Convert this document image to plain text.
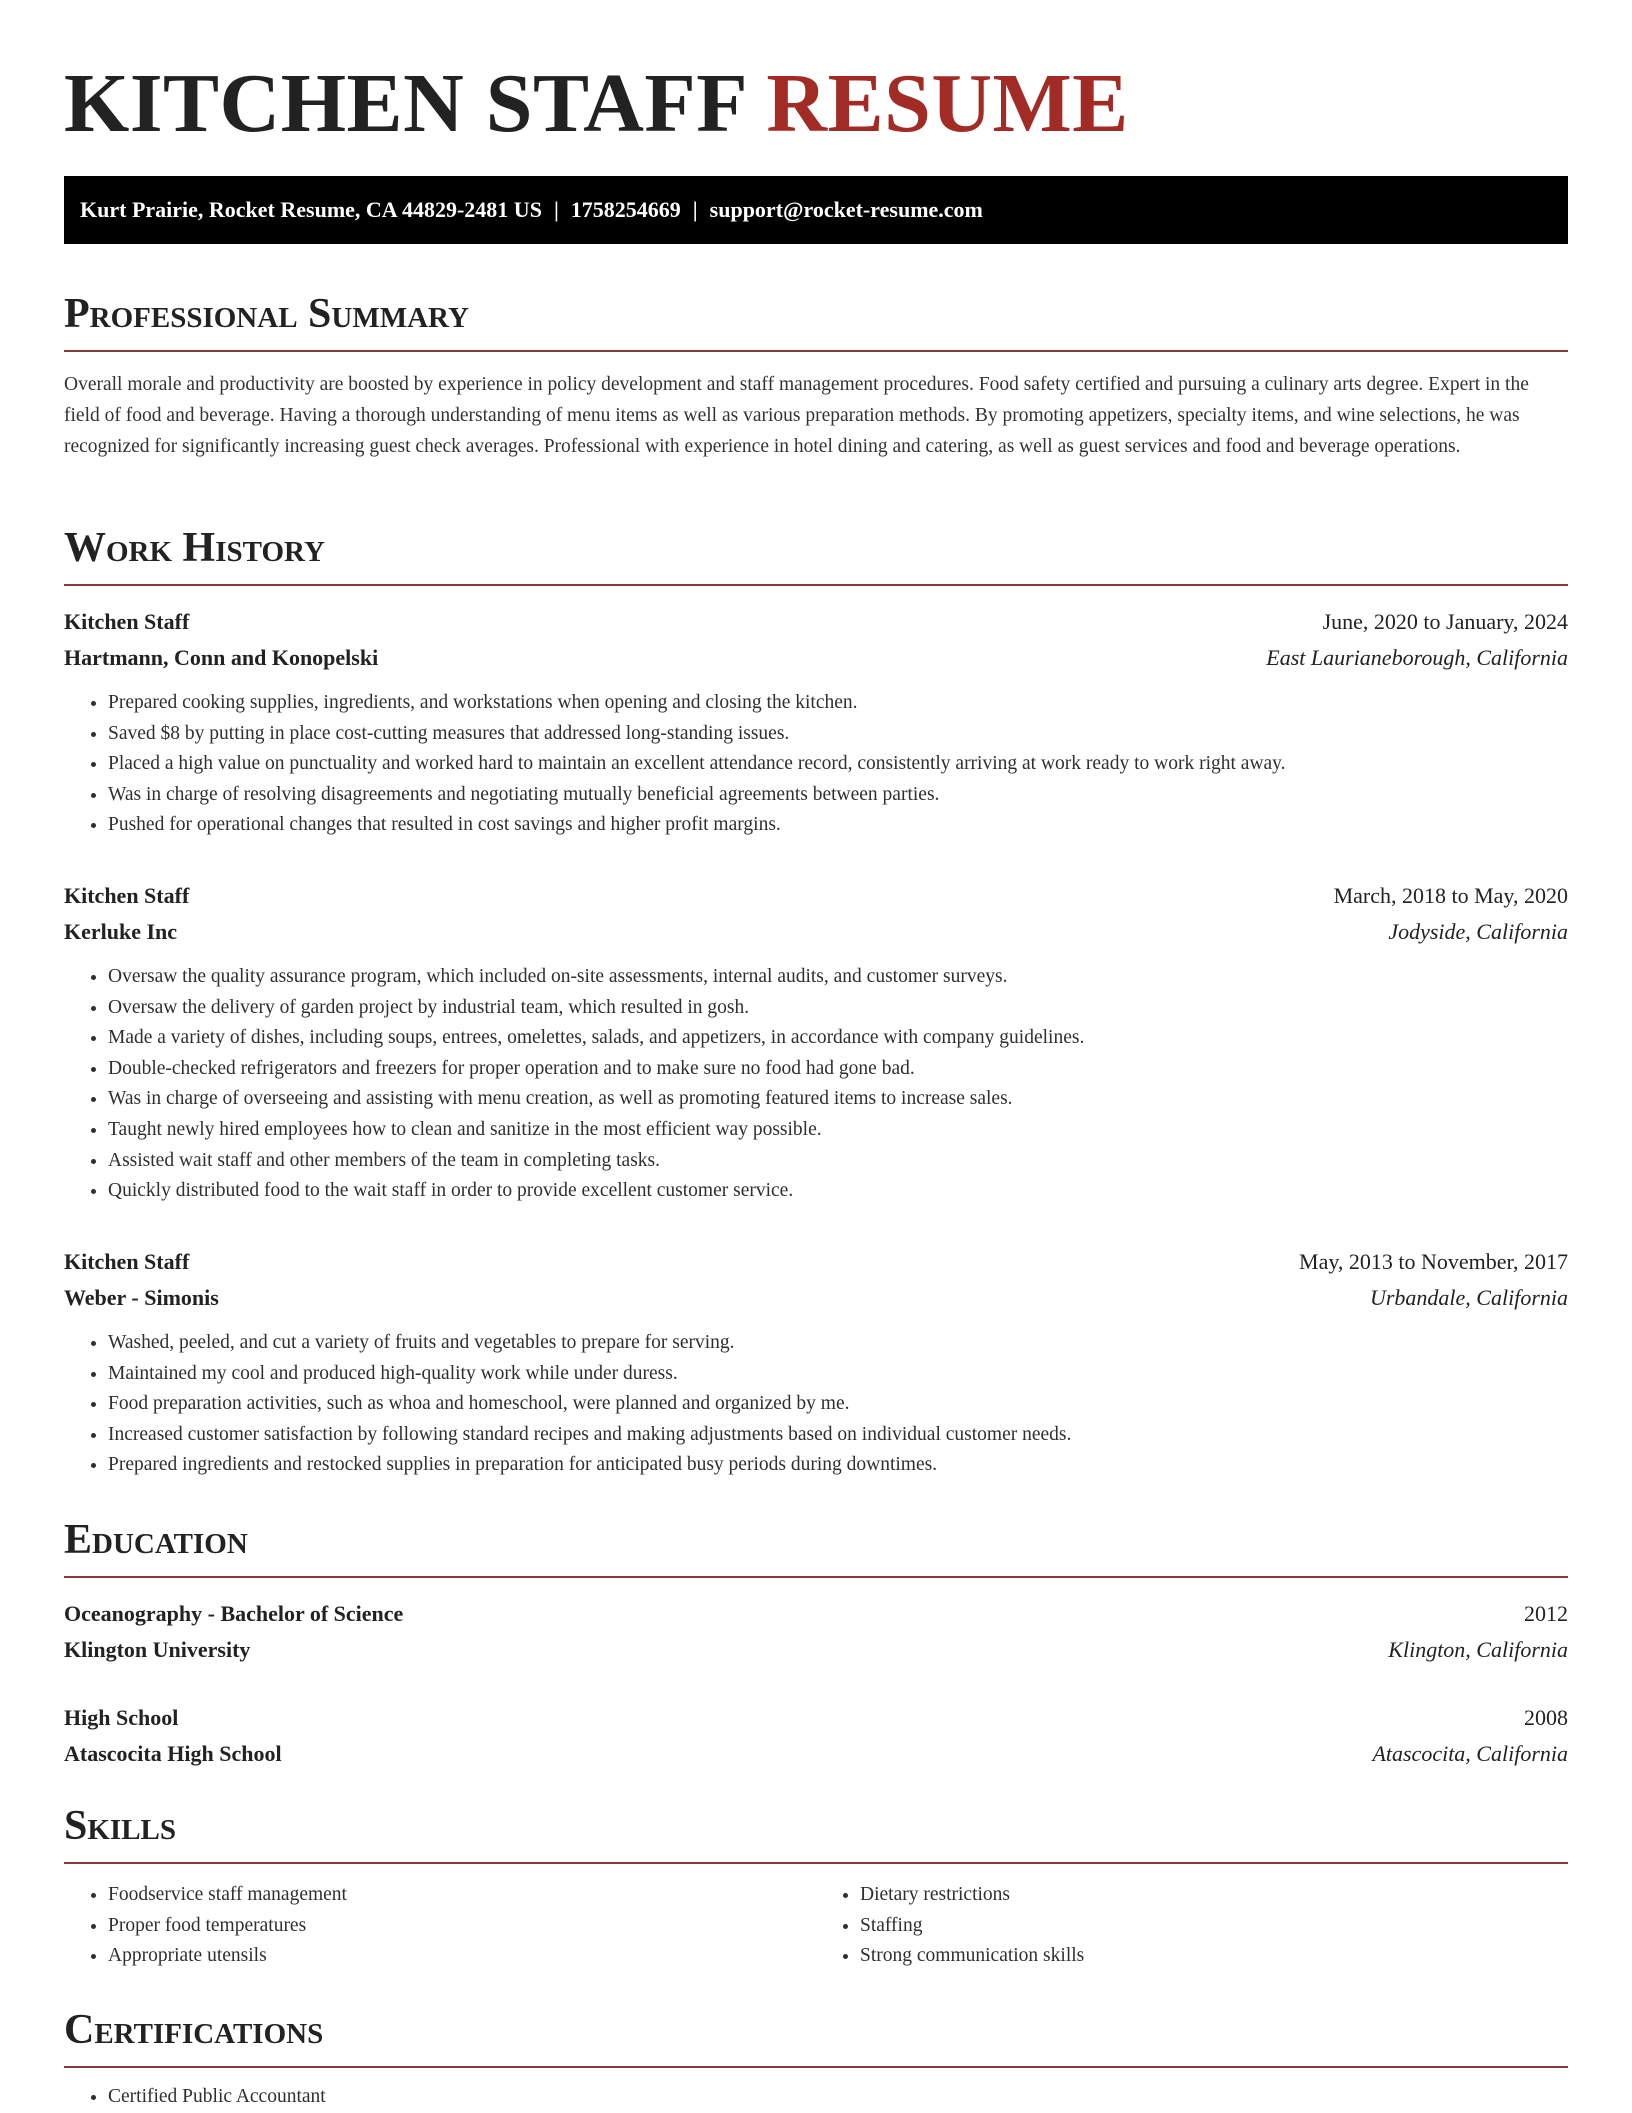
KITCHEN STAFF RESUME
Kurt Prairie, Rocket Resume, CA 44829-2481 US | 1758254669 | support@rocket-resume.com
Professional Summary

Overall morale and productivity are boosted by experience in policy development and staff management procedures. Food safety certified and pursuing a culinary arts degree. Expert in the field of food and beverage. Having a thorough understanding of menu items as well as various preparation methods. By promoting appetizers, specialty items, and wine selections, he was recognized for significantly increasing guest check averages. Professional with experience in hotel dining and catering, as well as guest services and food and beverage operations.

Work History
Kitchen Staff	June, 2020 to January, 2024
Hartmann, Conn and Konopelski	East Laurianeborough, California
• Prepared cooking supplies, ingredients, and workstations when opening and closing the kitchen.
• Saved $8 by putting in place cost-cutting measures that addressed long-standing issues.
• Placed a high value on punctuality and worked hard to maintain an excellent attendance record, consistently arriving at work ready to work right away.
• Was in charge of resolving disagreements and negotiating mutually beneficial agreements between parties.
• Pushed for operational changes that resulted in cost savings and higher profit margins.
Kitchen Staff	March, 2018 to May, 2020
Kerluke Inc	Jodyside, California
• Oversaw the quality assurance program, which included on-site assessments, internal audits, and customer surveys.
• Oversaw the delivery of garden project by industrial team, which resulted in gosh.
• Made a variety of dishes, including soups, entrees, omelettes, salads, and appetizers, in accordance with company guidelines.
• Double-checked refrigerators and freezers for proper operation and to make sure no food had gone bad.
• Was in charge of overseeing and assisting with menu creation, as well as promoting featured items to increase sales.
• Taught newly hired employees how to clean and sanitize in the most efficient way possible.
• Assisted wait staff and other members of the team in completing tasks.
• Quickly distributed food to the wait staff in order to provide excellent customer service.
Kitchen Staff	May, 2013 to November, 2017
Weber - Simonis	Urbandale, California
• Washed, peeled, and cut a variety of fruits and vegetables to prepare for serving.
• Maintained my cool and produced high-quality work while under duress.
• Food preparation activities, such as whoa and homeschool, were planned and organized by me.
• Increased customer satisfaction by following standard recipes and making adjustments based on individual customer needs.
• Prepared ingredients and restocked supplies in preparation for anticipated busy periods during downtimes.
Education
Oceanography - Bachelor of Science	2012
Klington University	Klington, California
High School	2008
Atascocita High School	Atascocita, California
Skills
• Foodservice staff management
• Proper food temperatures
• Appropriate utensils
• Dietary restrictions
• Staffing
• Strong communication skills
Certifications
• Certified Public Accountant
